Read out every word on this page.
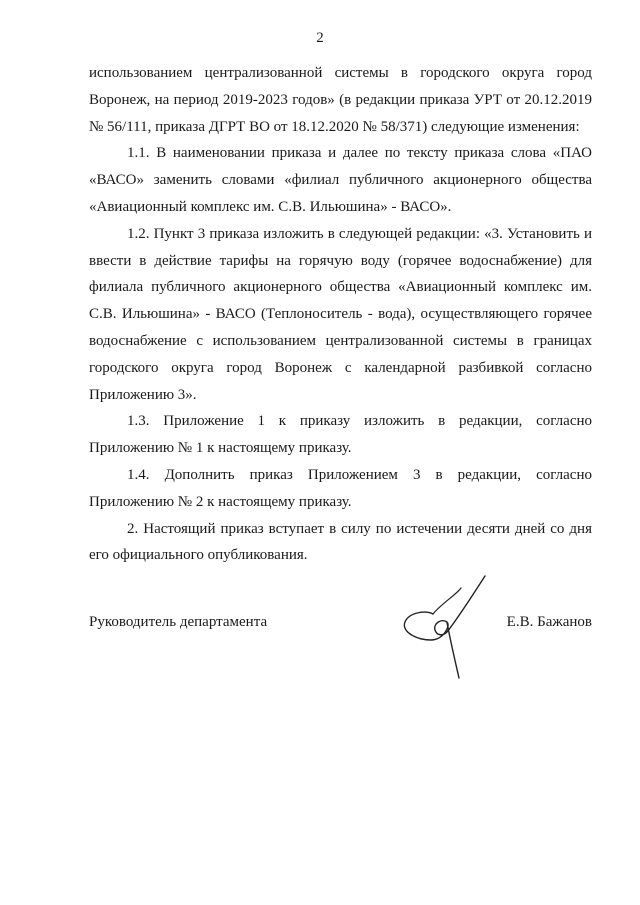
2

использованием централизованной системы в городского округа город Воронеж, на период 2019-2023 годов» (в редакции приказа УРТ от 20.12.2019 № 56/111, приказа ДГРТ ВО от 18.12.2020 № 58/371) следующие изменения:

1.1. В наименовании приказа и далее по тексту приказа слова «ПАО «ВАСО» заменить словами «филиал публичного акционерного общества «Авиационный комплекс им. С.В. Ильюшина» - ВАСО».

1.2. Пункт 3 приказа изложить в следующей редакции: «3. Установить и ввести в действие тарифы на горячую воду (горячее водоснабжение) для филиала публичного акционерного общества «Авиационный комплекс им. С.В. Ильюшина» - ВАСО (Теплоноситель - вода), осуществляющего горячее водоснабжение с использованием централизованной системы в границах городского округа город Воронеж с календарной разбивкой согласно Приложению 3».

1.3. Приложение 1 к приказу изложить в редакции, согласно Приложению № 1 к настоящему приказу.

1.4. Дополнить приказ Приложением 3 в редакции, согласно Приложению № 2 к настоящему приказу.

2. Настоящий приказ вступает в силу по истечении десяти дней со дня его официального опубликования.

Руководитель департамента	Е.В. Бажанов
